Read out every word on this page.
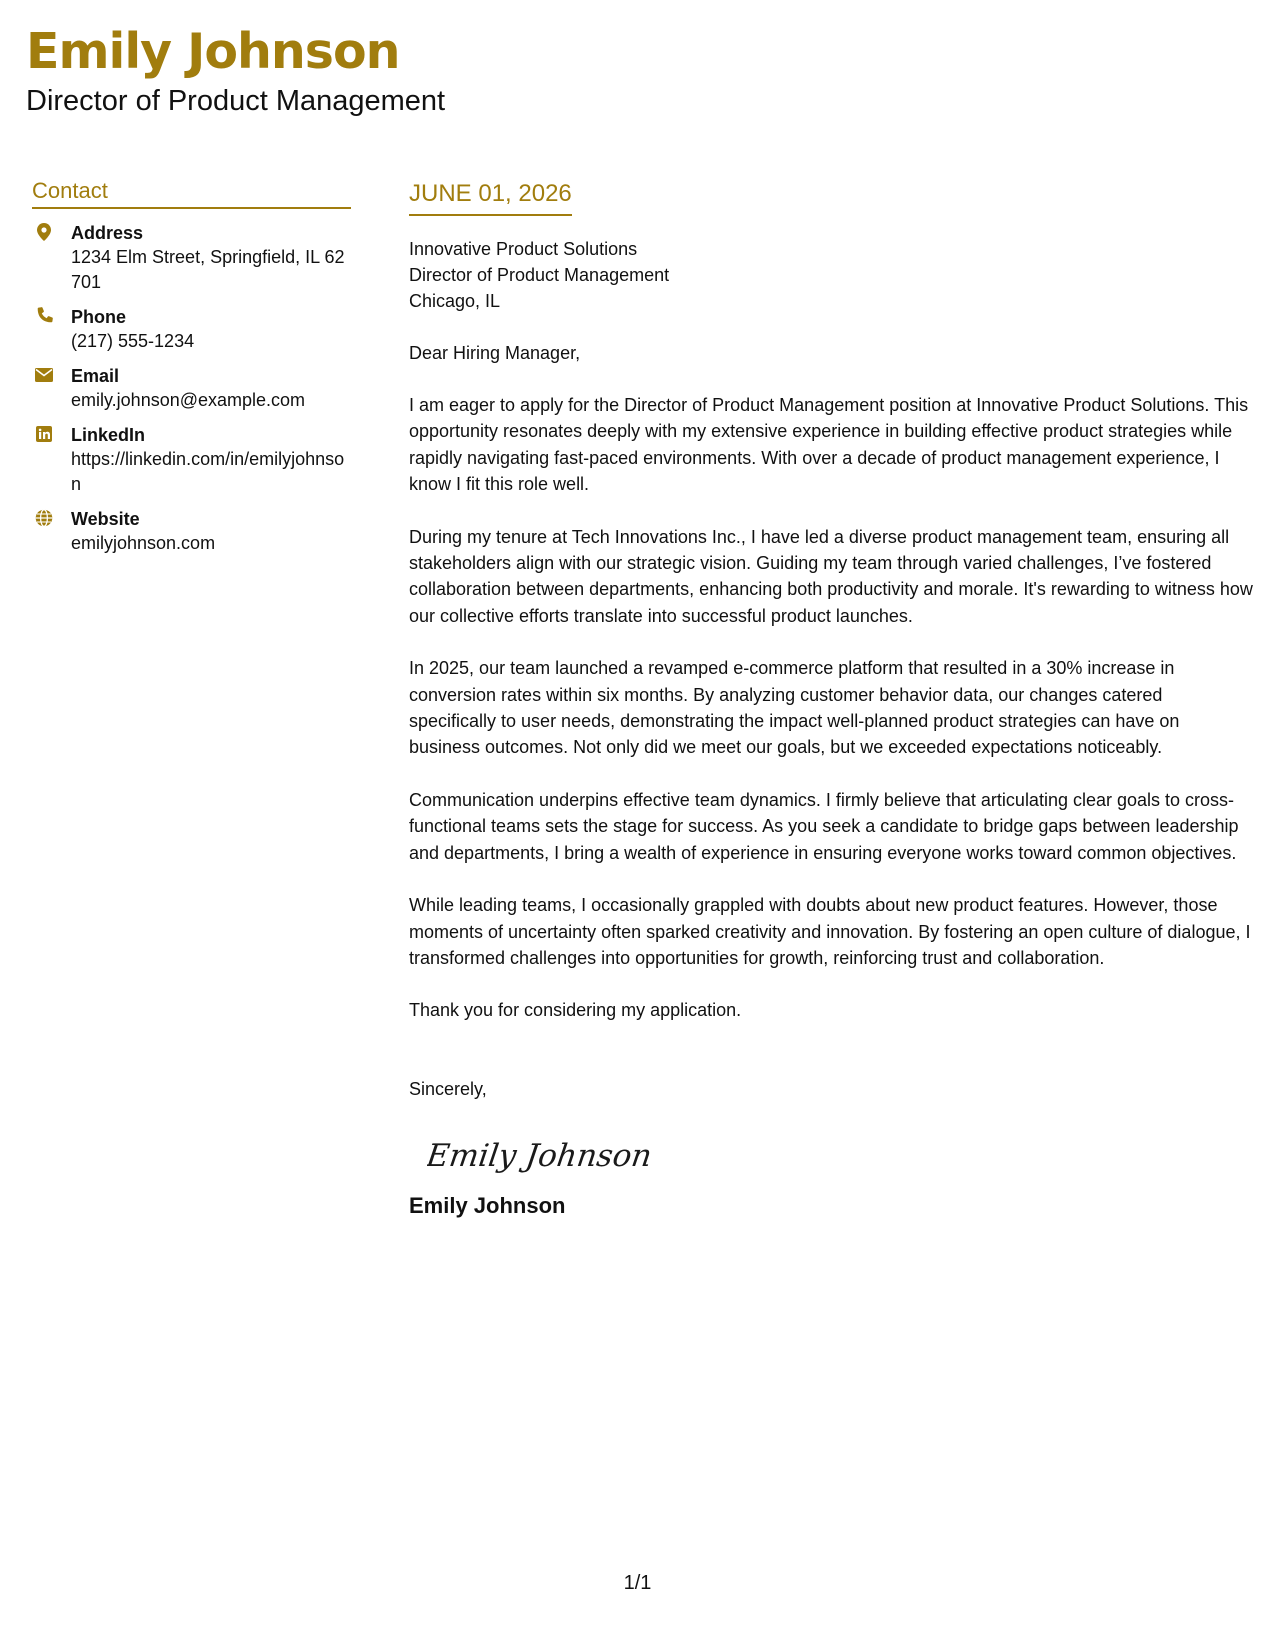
Emily Johnson
Director of Product Management
Contact
Address
1234 Elm Street, Springfield, IL 62701
Phone
(217) 555-1234
Email
emily.johnson@example.com
LinkedIn
https://linkedin.com/in/emilyjohnson
Website
emilyjohnson.com
JUNE 01, 2026
Innovative Product Solutions
Director of Product Management
Chicago, IL
Dear Hiring Manager,
I am eager to apply for the Director of Product Management position at Innovative Product Solutions. This opportunity resonates deeply with my extensive experience in building effective product strategies while rapidly navigating fast-paced environments. With over a decade of product management experience, I know I fit this role well.
During my tenure at Tech Innovations Inc., I have led a diverse product management team, ensuring all stakeholders align with our strategic vision. Guiding my team through varied challenges, I’ve fostered collaboration between departments, enhancing both productivity and morale. It's rewarding to witness how our collective efforts translate into successful product launches.
In 2025, our team launched a revamped e-commerce platform that resulted in a 30% increase in conversion rates within six months. By analyzing customer behavior data, our changes catered specifically to user needs, demonstrating the impact well-planned product strategies can have on business outcomes. Not only did we meet our goals, but we exceeded expectations noticeably.
Communication underpins effective team dynamics. I firmly believe that articulating clear goals to cross-functional teams sets the stage for success. As you seek a candidate to bridge gaps between leadership and departments, I bring a wealth of experience in ensuring everyone works toward common objectives.
While leading teams, I occasionally grappled with doubts about new product features. However, those moments of uncertainty often sparked creativity and innovation. By fostering an open culture of dialogue, I transformed challenges into opportunities for growth, reinforcing trust and collaboration.
Thank you for considering my application.
Sincerely,
Emily Johnson
Emily Johnson
1/1
